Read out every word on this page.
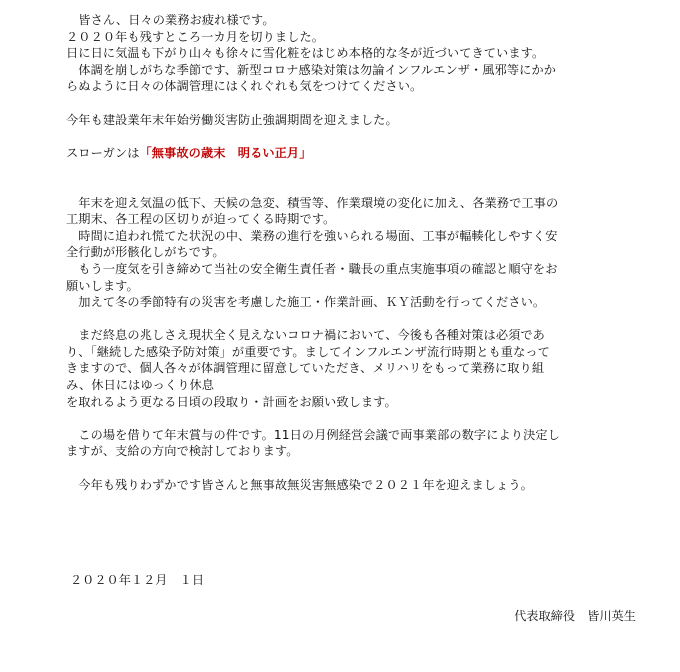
　皆さん、日々の業務お疲れ様です。
２０２０年も残すところ一カ月を切りました。
日に日に気温も下がり山々も徐々に雪化粧をはじめ本格的な冬が近づいてきています。
　体調を崩しがちな季節です、新型コロナ感染対策は勿論インフルエンザ・風邪等にかか
らぬように日々の体調管理にはくれぐれも気をつけてください。
今年も建設業年末年始労働災害防止強調期間を迎えました。
スローガンは「無事故の歳末　明るい正月」
　年末を迎え気温の低下、天候の急変、積雪等、作業環境の変化に加え、各業務で工事の
工期末、各工程の区切りが迫ってくる時期です。
　時間に追われ慌てた状況の中、業務の進行を強いられる場面、工事が輻輳化しやすく安
全行動が形骸化しがちです。
　もう一度気を引き締めて当社の安全衛生責任者・職長の重点実施事項の確認と順守をお
願いします。
　加えて冬の季節特有の災害を考慮した施工・作業計画、ＫＹ活動を行ってください。
　まだ終息の兆しさえ現状全く見えないコロナ禍において、今後も各種対策は必須であ
り、「継続した感染予防対策」が重要です。ましてインフルエンザ流行時期とも重なって
きますので、個人各々が体調管理に留意していただき、メリハリをもって業務に取り組
み、休日にはゆっくり休息
を取れるよう更なる日頃の段取り・計画をお願い致します。
　この場を借りて年末賞与の件です。11日の月例経営会議で両事業部の数字により決定し
ますが、支給の方向で検討しております。
　今年も残りわずかです皆さんと無事故無災害無感染で２０２１年を迎えましょう。
２０２０年１２月　１日
代表取締役　皆川英生
